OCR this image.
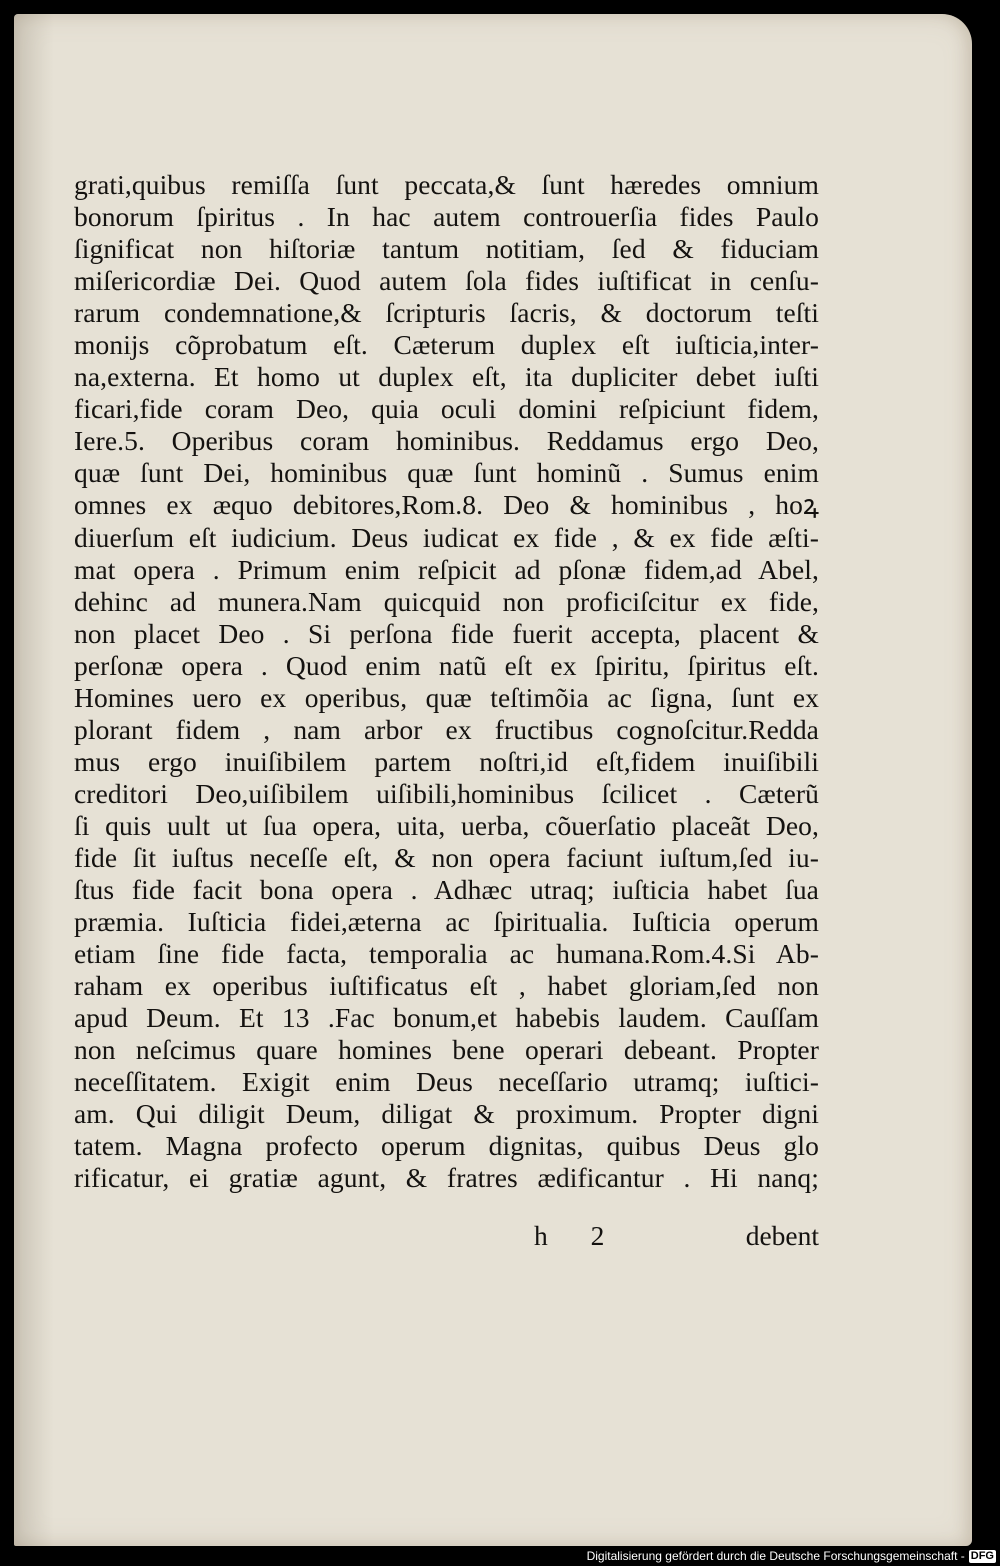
grati,quibus remiſſa ſunt peccata,& ſunt hæredes omnium
bonorum ſpiritus . In hac autem controuerſia fides Paulo
ſignificat non hiſtoriæ tantum notitiam, ſed & fiduciam
miſericordiæ Dei. Quod autem ſola fides iuſtificat in cenſu-
rarum condemnatione,& ſcripturis ſacris, & doctorum teſti
monijs cõprobatum eſt. Cæterum duplex eſt iuſticia,inter-
na,externa. Et homo ut duplex eſt, ita dupliciter debet iuſti
ficari,fide coram Deo, quia oculi domini reſpiciunt fidem,
Iere.5. Operibus coram hominibus. Reddamus ergo Deo,
quæ ſunt Dei, hominibus quæ ſunt hominũ . Sumus enim
omnes ex æquo debitores,Rom.8. Deo & hominibus , hoꝝ
diuerſum eſt iudicium. Deus iudicat ex fide , & ex fide æſti-
mat opera . Primum enim reſpicit ad pſonæ fidem,ad Abel,
dehinc ad munera.Nam quicquid non proficiſcitur ex fide,
non placet Deo . Si perſona fide fuerit accepta, placent &
perſonæ opera . Quod enim natũ eſt ex ſpiritu, ſpiritus eſt.
Homines uero ex operibus, quæ teſtimõia ac ſigna, ſunt ex
plorant fidem , nam arbor ex fructibus cognoſcitur.Redda
mus ergo inuiſibilem partem noſtri,id eſt,fidem inuiſibili
creditori Deo,uiſibilem uiſibili,hominibus ſcilicet . Cæterũ
ſi quis uult ut ſua opera, uita, uerba, cõuerſatio placeãt Deo,
fide ſit iuſtus neceſſe eſt, & non opera faciunt iuſtum,ſed iu-
ſtus fide facit bona opera . Adhæc utraq; iuſticia habet ſua
præmia. Iuſticia fidei,æterna ac ſpiritualia. Iuſticia operum
etiam ſine fide facta, temporalia ac humana.Rom.4.Si Ab-
raham ex operibus iuſtificatus eſt , habet gloriam,ſed non
apud Deum. Et 13 .Fac bonum,et habebis laudem. Cauſſam
non neſcimus quare homines bene operari debeant. Propter
neceſſitatem. Exigit enim Deus neceſſario utramq; iuſtici-
am. Qui diligit Deum, diligat & proximum. Propter digni
tatem. Magna profecto operum dignitas, quibus Deus glo
rificatur, ei gratiæ agunt, & fratres ædificantur . Hi nanq;
h 2	debent
Digitalisierung gefördert durch die Deutsche Forschungsgemeinschaft - DFG
